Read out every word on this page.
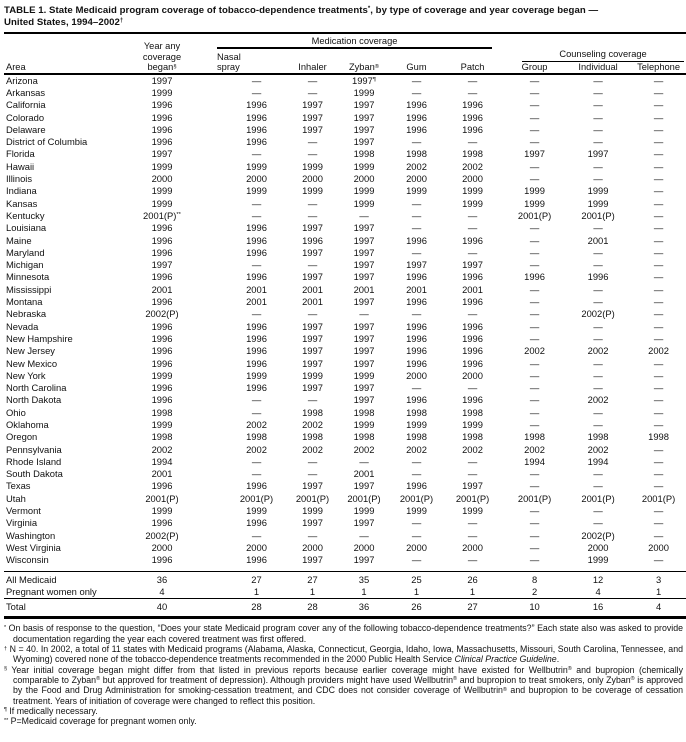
TABLE 1. State Medicaid program coverage of tobacco-dependence treatments*, by type of coverage and year coverage began —
United States, 1994–2002†
Area	Year any
coverage
began§	Medication coverage							

		Nasal
spray	Inhaler	Zyban®	Gum	Patch	Counseling coverage		

							Group	Individual	Telephone
Arizona	1997	—	—	1997¶	—	—	—	—	—
Arkansas	1999	—	—	1999	—	—	—	—	—
California	1996	1996	1997	1997	1996	1996	—	—	—
Colorado	1996	1996	1997	1997	1996	1996	—	—	—
Delaware	1996	1996	1997	1997	1996	1996	—	—	—
District of Columbia	1996	1996	—	1997	—	—	—	—	—
Florida	1997	—	—	1998	1998	1998	1997	1997	—
Hawaii	1999	1999	1999	1999	2002	2002	—	—	—
Illinois	2000	2000	2000	2000	2000	2000	—	—	—
Indiana	1999	1999	1999	1999	1999	1999	1999	1999	—
Kansas	1999	—	—	1999	—	1999	1999	1999	—
Kentucky	2001(P)**	—	—	—	—	—	2001(P)	2001(P)	—
Louisiana	1996	1996	1997	1997	—	—	—	—	—
Maine	1996	1996	1996	1997	1996	1996	—	2001	—
Maryland	1996	1996	1997	1997	—	—	—	—	—
Michigan	1997	—	—	1997	1997	1997	—	—	—
Minnesota	1996	1996	1997	1997	1996	1996	1996	1996	—
Mississippi	2001	2001	2001	2001	2001	2001	—	—	—
Montana	1996	2001	2001	1997	1996	1996	—	—	—
Nebraska	2002(P)	—	—	—	—	—	—	2002(P)	—
Nevada	1996	1996	1997	1997	1996	1996	—	—	—
New Hampshire	1996	1996	1997	1997	1996	1996	—	—	—
New Jersey	1996	1996	1997	1997	1996	1996	2002	2002	2002
New Mexico	1996	1996	1997	1997	1996	1996	—	—	—
New York	1999	1999	1999	1999	2000	2000	—	—	—
North Carolina	1996	1996	1997	1997	—	—	—	—	—
North Dakota	1996	—	—	1997	1996	1996	—	2002	—
Ohio	1998	—	1998	1998	1998	1998	—	—	—
Oklahoma	1999	2002	2002	1999	1999	1999	—	—	—
Oregon	1998	1998	1998	1998	1998	1998	1998	1998	1998
Pennsylvania	2002	2002	2002	2002	2002	2002	2002	2002	—
Rhode Island	1994	—	—	—	—	—	1994	1994	—
South Dakota	2001	—	—	2001	—	—	—	—	—
Texas	1996	1996	1997	1997	1996	1997	—	—	—
Utah	2001(P)	2001(P)	2001(P)	2001(P)	2001(P)	2001(P)	2001(P)	2001(P)	2001(P)
Vermont	1999	1999	1999	1999	1999	1999	—	—	—
Virginia	1996	1996	1997	1997	—	—	—	—	—
Washington	2002(P)	—	—	—	—	—	—	2002(P)	—
West Virginia	2000	2000	2000	2000	2000	2000	—	2000	2000
Wisconsin	1996	1996	1997	1997	—	—	—	1999	—
All Medicaid	36	27	27	35	25	26	8	12	3
Pregnant women only	4	1	1	1	1	1	2	4	1
Total	40	28	28	36	26	27	10	16	4
* On basis of response to the question, “Does your state Medicaid program cover any of the following tobacco-dependence treatments?” Each state also was asked to provide documentation regarding the year each covered treatment was first offered.
† N = 40. In 2002, a total of 11 states with Medicaid programs (Alabama, Alaska, Connecticut, Georgia, Idaho, Iowa, Massachusetts, Missouri, South Carolina, Tennessee, and Wyoming) covered none of the tobacco-dependence treatments recommended in the 2000 Public Health Service Clinical Practice Guideline.
§ Year initial coverage began might differ from that listed in previous reports because earlier coverage might have existed for Wellbutrin® and bupropion (chemically comparable to Zyban® but approved for treatment of depression). Although providers might have used Wellbutrin® and bupropion to treat smokers, only Zyban® is approved by the Food and Drug Administration for smoking-cessation treatment, and CDC does not consider coverage of Wellbutrin® and bupropion to be coverage of cessation treatment. Years of initiation of coverage were changed to reflect this position.
¶ If medically necessary.
** P=Medicaid coverage for pregnant women only.
